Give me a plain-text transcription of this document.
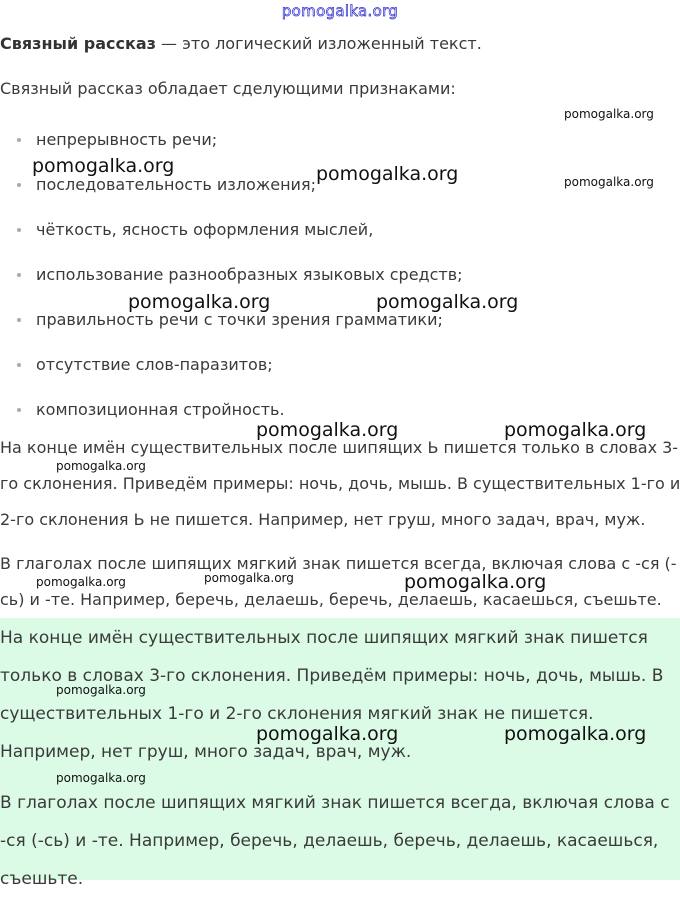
pomogalka.org

Связный рассказ — это логический изложенный текст.

Связный рассказ обладает сделующими признаками:

непрерывность речи;
последовательность изложения;
чёткость, ясность оформления мыслей,
использование разнообразных языковых средств;
правильность речи с точки зрения грамматики;
отсутствие слов-паразитов;
композиционная стройность.
На конце имён существительных после шипящих Ь пишется только в словах 3-
го склонения. Приведём примеры: ночь, дочь, мышь. В существительных 1-го и
2-го склонения Ь не пишется. Например, нет груш, много задач, врач, муж.
В глаголах после шипящих мягкий знак пишется всегда, включая слова с -ся (-
сь) и -те. Например, беречь, делаешь, беречь, делаешь, касаешься, съешьте.
На конце имён существительных после шипящих мягкий знак пишется
только в словах 3-го склонения. Приведём примеры: ночь, дочь, мышь. В
существительных 1-го и 2-го склонения мягкий знак не пишется.
Например, нет груш, много задач, врач, муж.
В глаголах после шипящих мягкий знак пишется всегда, включая слова с
-ся (-сь) и -те. Например, беречь, делаешь, беречь, делаешь, касаешься,
съешьте.
pomogalka.org	pomogalka.org
pomogalka.org
pomogalka.org
pomogalka.org	pomogalka.org
pomogalka.org	pomogalka.org
pomogalka.org
pomogalka.org	pomogalka.org	pomogalka.org
pomogalka.org
pomogalka.org	pomogalka.org
pomogalka.org
